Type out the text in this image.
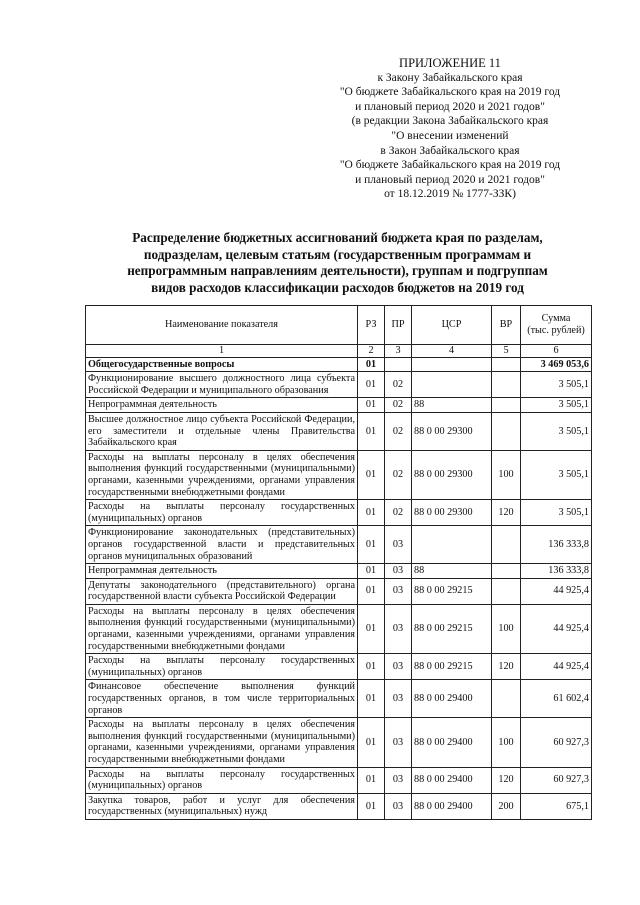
ПРИЛОЖЕНИЕ 11
к Закону Забайкальского края
"О бюджете Забайкальского края на 2019 год
и плановый период 2020 и 2021 годов"
(в редакции Закона Забайкальского края
"О внесении изменений
в Закон Забайкальского края
"О бюджете Забайкальского края на 2019 год
и плановый период 2020 и 2021 годов"
от 18.12.2019 № 1777-ЗЗК)
Распределение бюджетных ассигнований бюджета края по разделам,
подразделам, целевым статьям (государственным программам и
непрограммным направлениям деятельности), группам и подгруппам
видов расходов классификации расходов бюджетов на 2019 год
Наименование показателя	РЗ	ПР	ЦСР	ВР	Сумма
(тыс. рублей)

1	2	3	4	5	6
Общегосударственные вопросы	01				3 469 053,6
Функционирование высшего должностного лица субъекта Российской Федерации и муниципального образования	01	02			3 505,1
Непрограммная деятельность	01	02	88		3 505,1
Высшее должностное лицо субъекта Российской Федерации, его заместители и отдельные члены Правительства Забайкальского края	01	02	88 0 00 29300		3 505,1
Расходы на выплаты персоналу в целях обеспечения выполнения функций государственными (муниципальными) органами, казенными учреждениями, органами управления государственными внебюджетными фондами	01	02	88 0 00 29300	100	3 505,1
Расходы на выплаты персоналу государственных (муниципальных) органов	01	02	88 0 00 29300	120	3 505,1
Функционирование законодательных (представительных) органов государственной власти и представительных органов муниципальных образований	01	03			136 333,8
Непрограммная деятельность	01	03	88		136 333,8
Депутаты законодательного (представительного) органа государственной власти субъекта Российской Федерации	01	03	88 0 00 29215		44 925,4
Расходы на выплаты персоналу в целях обеспечения выполнения функций государственными (муниципальными) органами, казенными учреждениями, органами управления государственными внебюджетными фондами	01	03	88 0 00 29215	100	44 925,4
Расходы на выплаты персоналу государственных (муниципальных) органов	01	03	88 0 00 29215	120	44 925,4
Финансовое обеспечение выполнения функций государственных органов, в том числе территориальных органов	01	03	88 0 00 29400		61 602,4
Расходы на выплаты персоналу в целях обеспечения выполнения функций государственными (муниципальными) органами, казенными учреждениями, органами управления государственными внебюджетными фондами	01	03	88 0 00 29400	100	60 927,3
Расходы на выплаты персоналу государственных (муниципальных) органов	01	03	88 0 00 29400	120	60 927,3
Закупка товаров, работ и услуг для обеспечения государственных (муниципальных) нужд	01	03	88 0 00 29400	200	675,1
